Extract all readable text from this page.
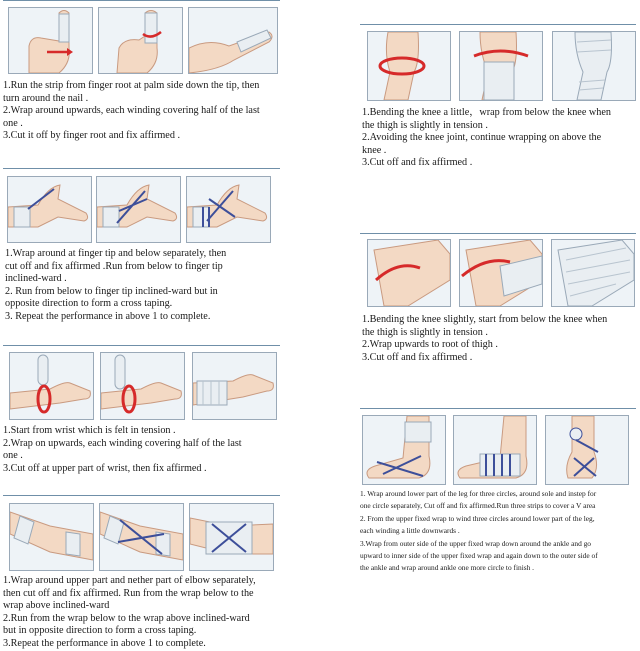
1.Run the strip from finger root at palm side down the tip, then

turn around the nail .

2.Wrap around upwards, each winding covering half of the last

one .

3.Cut it off by finger root and fix affirmed .

1.Wrap around at finger tip and below separately, then

cut off and fix affirmed .Run from below to finger tip

inclined-ward .

2. Run from below to finger tip inclined-ward but in

opposite direction to form a cross taping.

3. Repeat the performance in above 1 to complete.

1.Start from wrist which is felt in tension .

2.Wrap on upwards, each winding covering half of the last

one .

3.Cut off at upper part of wrist, then fix affirmed .

1.Wrap around upper part and nether part of elbow separately,

then cut off and fix affirmed. Run from the wrap below to the

wrap above inclined-ward

2.Run from the wrap below to the wrap above inclined-ward

but in opposite direction to form a cross taping.

3.Repeat the performance in above 1 to complete.

1.Bending the knee a little，wrap from below the knee when

the thigh is slightly in tension .

2.Avoiding the knee joint, continue wrapping on above the

knee .

3.Cut off and fix affirmed .

1.Bending the knee slightly, start from below the knee when

the thigh is slightly in tension .

2.Wrap upwards to root of thigh .

3.Cut off and fix affirmed .

1. Wrap around lower part of the leg for three circles, around sole and instep for

one circle separately, Cut off and fix affirmed.Run three strips to cover a V area

2. From the upper fixed wrap to wind three circles around lower part of the leg,

each winding a little downwards .

3.Wrap from outer side of the upper fixed wrap down around the ankle and go

upward to inner side of the upper fixed wrap and again down to the outer side of

the ankle and wrap around ankle one more circle to finish .
